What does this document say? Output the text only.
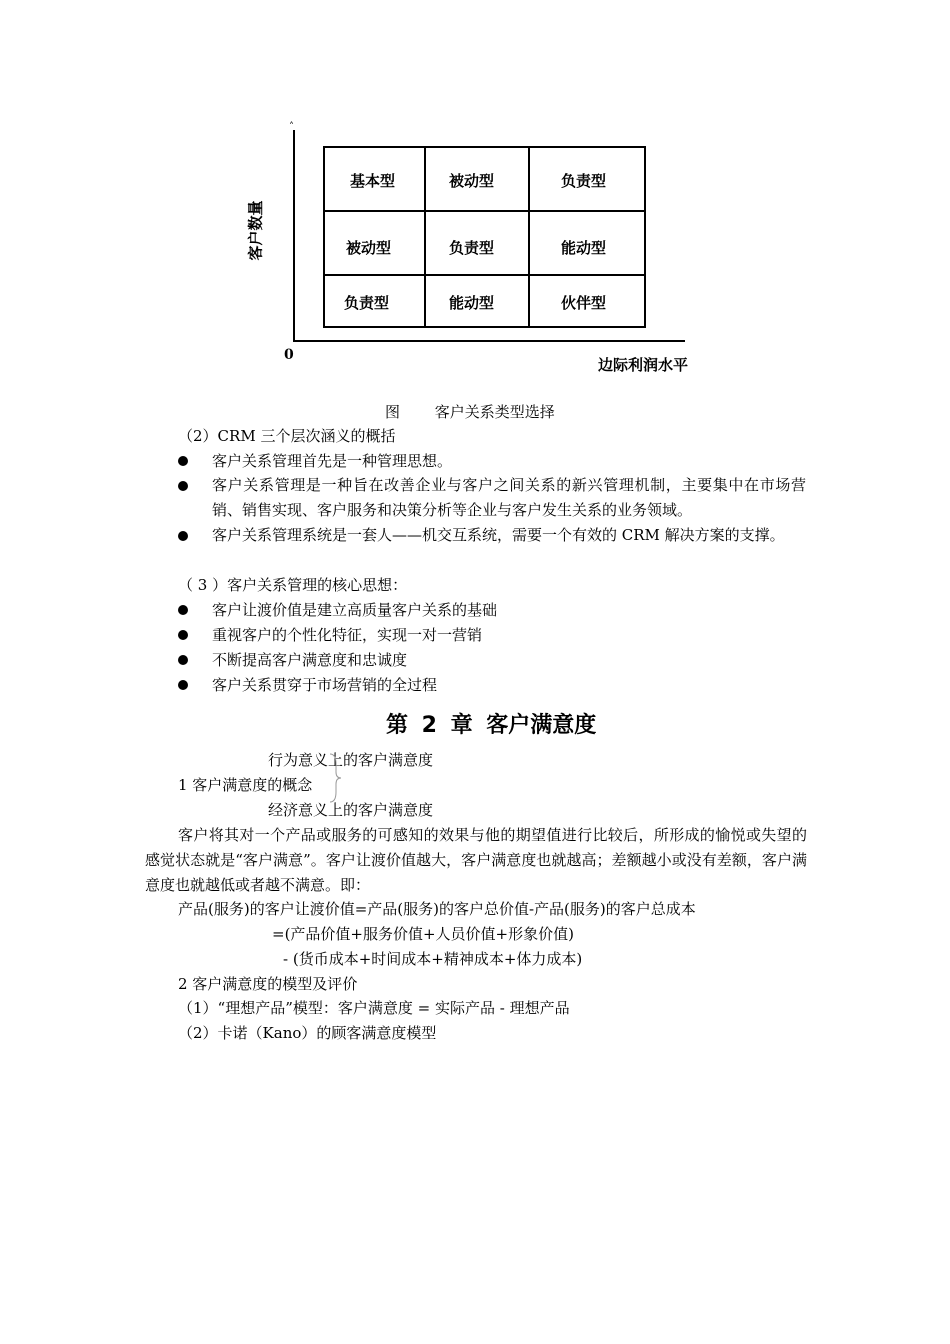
˄
0
边际利润水平
客户数量
基本型	被动型	负责型
被动型	负责型	能动型
负责型	能动型	伙伴型
图 客户关系类型选择
（2）CRM 三个层次涵义的概括
客户关系管理首先是一种管理思想。
客户关系管理是一种旨在改善企业与客户之间关系的新兴管理机制，主要集中在市场营销、销售实现、客户服务和决策分析等企业与客户发生关系的业务领域。
客户关系管理系统是一套人——机交互系统，需要一个有效的 CRM 解决方案的支撑。
（ 3 ）客户关系管理的核心思想：
客户让渡价值是建立高质量客户关系的基础
重视客户的个性化特征，实现一对一营销
不断提高客户满意度和忠诚度
客户关系贯穿于市场营销的全过程
第 2 章 客户满意度
行为意义上的客户满意度
1 客户满意度的概念
经济意义上的客户满意度
客户将其对一个产品或服务的可感知的效果与他的期望值进行比较后，所形成的愉悦或失望的感觉状态就是“客户满意”。客户让渡价值越大，客户满意度也就越高；差额越小或没有差额，客户满意度也就越低或者越不满意。即：
产品(服务)的客户让渡价值=产品(服务)的客户总价值-产品(服务)的客户总成本
=(产品价值+服务价值+人员价值+形象价值)
- (货币成本+时间成本+精神成本+体力成本)
2 客户满意度的模型及评价
（1）“理想产品”模型：客户满意度 = 实际产品 - 理想产品
（2）卡诺（Kano）的顾客满意度模型
